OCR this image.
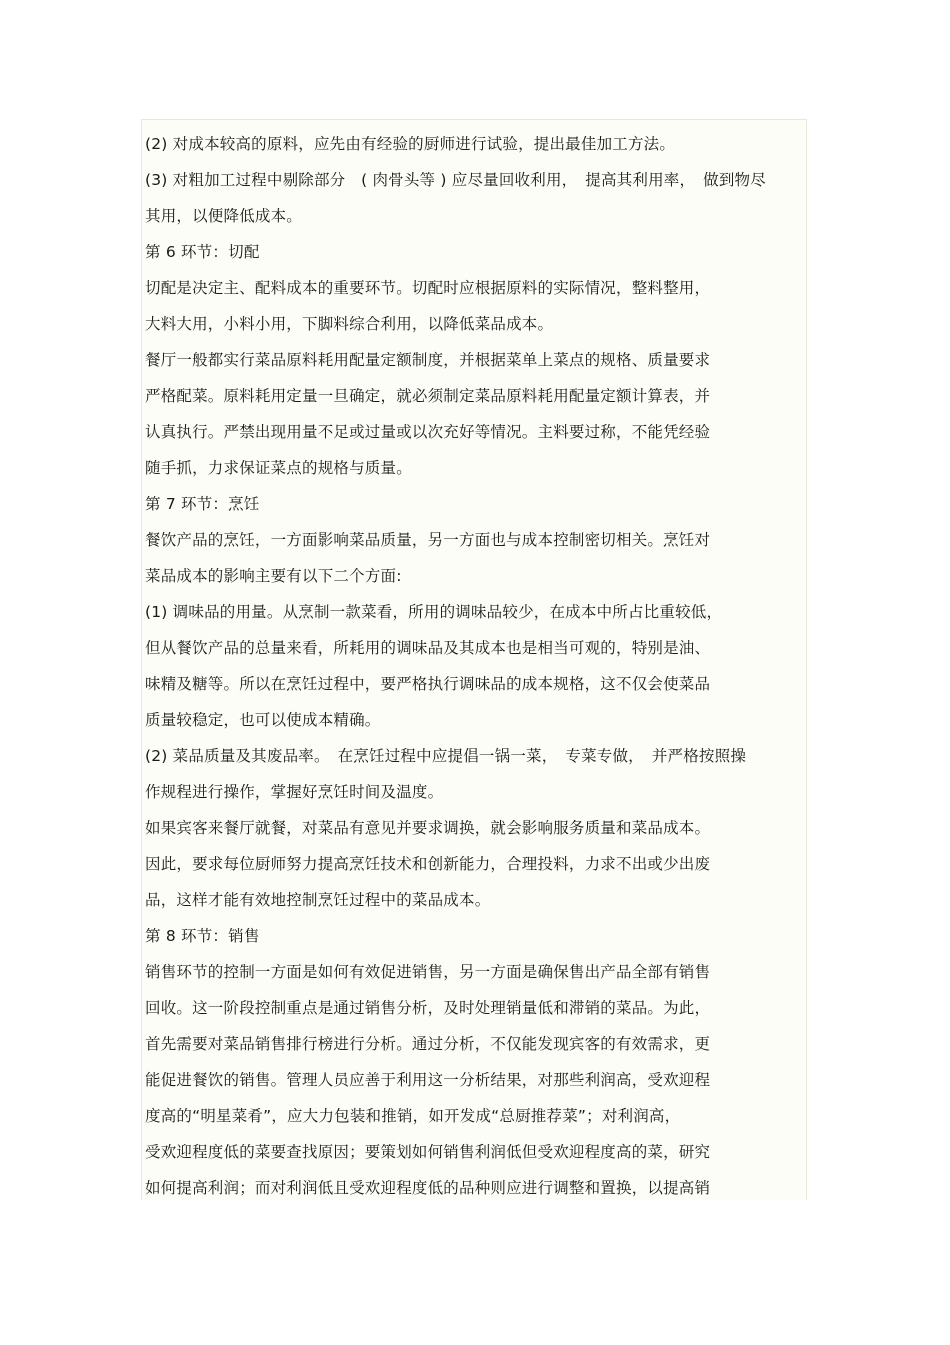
(2) 对成本较高的原料，应先由有经验的厨师进行试验，提出最佳加工方法。
(3) 对粗加工过程中剔除部分　( 肉骨头等 ) 应尽量回收利用，　提高其利用率，　做到物尽
其用，以便降低成本。
第 6 环节：切配
切配是决定主、配料成本的重要环节。切配时应根据原料的实际情况，整料整用，
大料大用，小料小用，下脚料综合利用，以降低菜品成本。
餐厅一般都实行菜品原料耗用配量定额制度，并根据菜单上菜点的规格、质量要求
严格配菜。原料耗用定量一旦确定，就必须制定菜品原料耗用配量定额计算表，并
认真执行。严禁出现用量不足或过量或以次充好等情况。主料要过称，不能凭经验
随手抓，力求保证菜点的规格与质量。
第 7 环节：烹饪
餐饮产品的烹饪，一方面影响菜品质量，另一方面也与成本控制密切相关。烹饪对
菜品成本的影响主要有以下二个方面:
(1) 调味品的用量。从烹制一款菜看，所用的调味品较少，在成本中所占比重较低，
但从餐饮产品的总量来看，所耗用的调味品及其成本也是相当可观的，特别是油、
味精及糖等。所以在烹饪过程中，要严格执行调味品的成本规格，这不仅会使菜品
质量较稳定，也可以使成本精确。
(2) 菜品质量及其废品率。　在烹饪过程中应提倡一锅一菜，　专菜专做，　并严格按照操
作规程进行操作，掌握好烹饪时间及温度。
如果宾客来餐厅就餐，对菜品有意见并要求调换，就会影响服务质量和菜品成本。
因此，要求每位厨师努力提高烹饪技术和创新能力，合理投料，力求不出或少出废
品，这样才能有效地控制烹饪过程中的菜品成本。
第 8 环节：销售
销售环节的控制一方面是如何有效促进销售，另一方面是确保售出产品全部有销售
回收。这一阶段控制重点是通过销售分析，及时处理销量低和滞销的菜品。为此，
首先需要对菜品销售排行榜进行分析。通过分析，不仅能发现宾客的有效需求，更
能促进餐饮的销售。管理人员应善于利用这一分析结果，对那些利润高，受欢迎程
度高的“明星菜肴”，应大力包装和推销，如开发成“总厨推荐菜”；对利润高，
受欢迎程度低的菜要查找原因；要策划如何销售利润低但受欢迎程度高的菜，研究
如何提高利润；而对利润低且受欢迎程度低的品种则应进行调整和置换，以提高销
